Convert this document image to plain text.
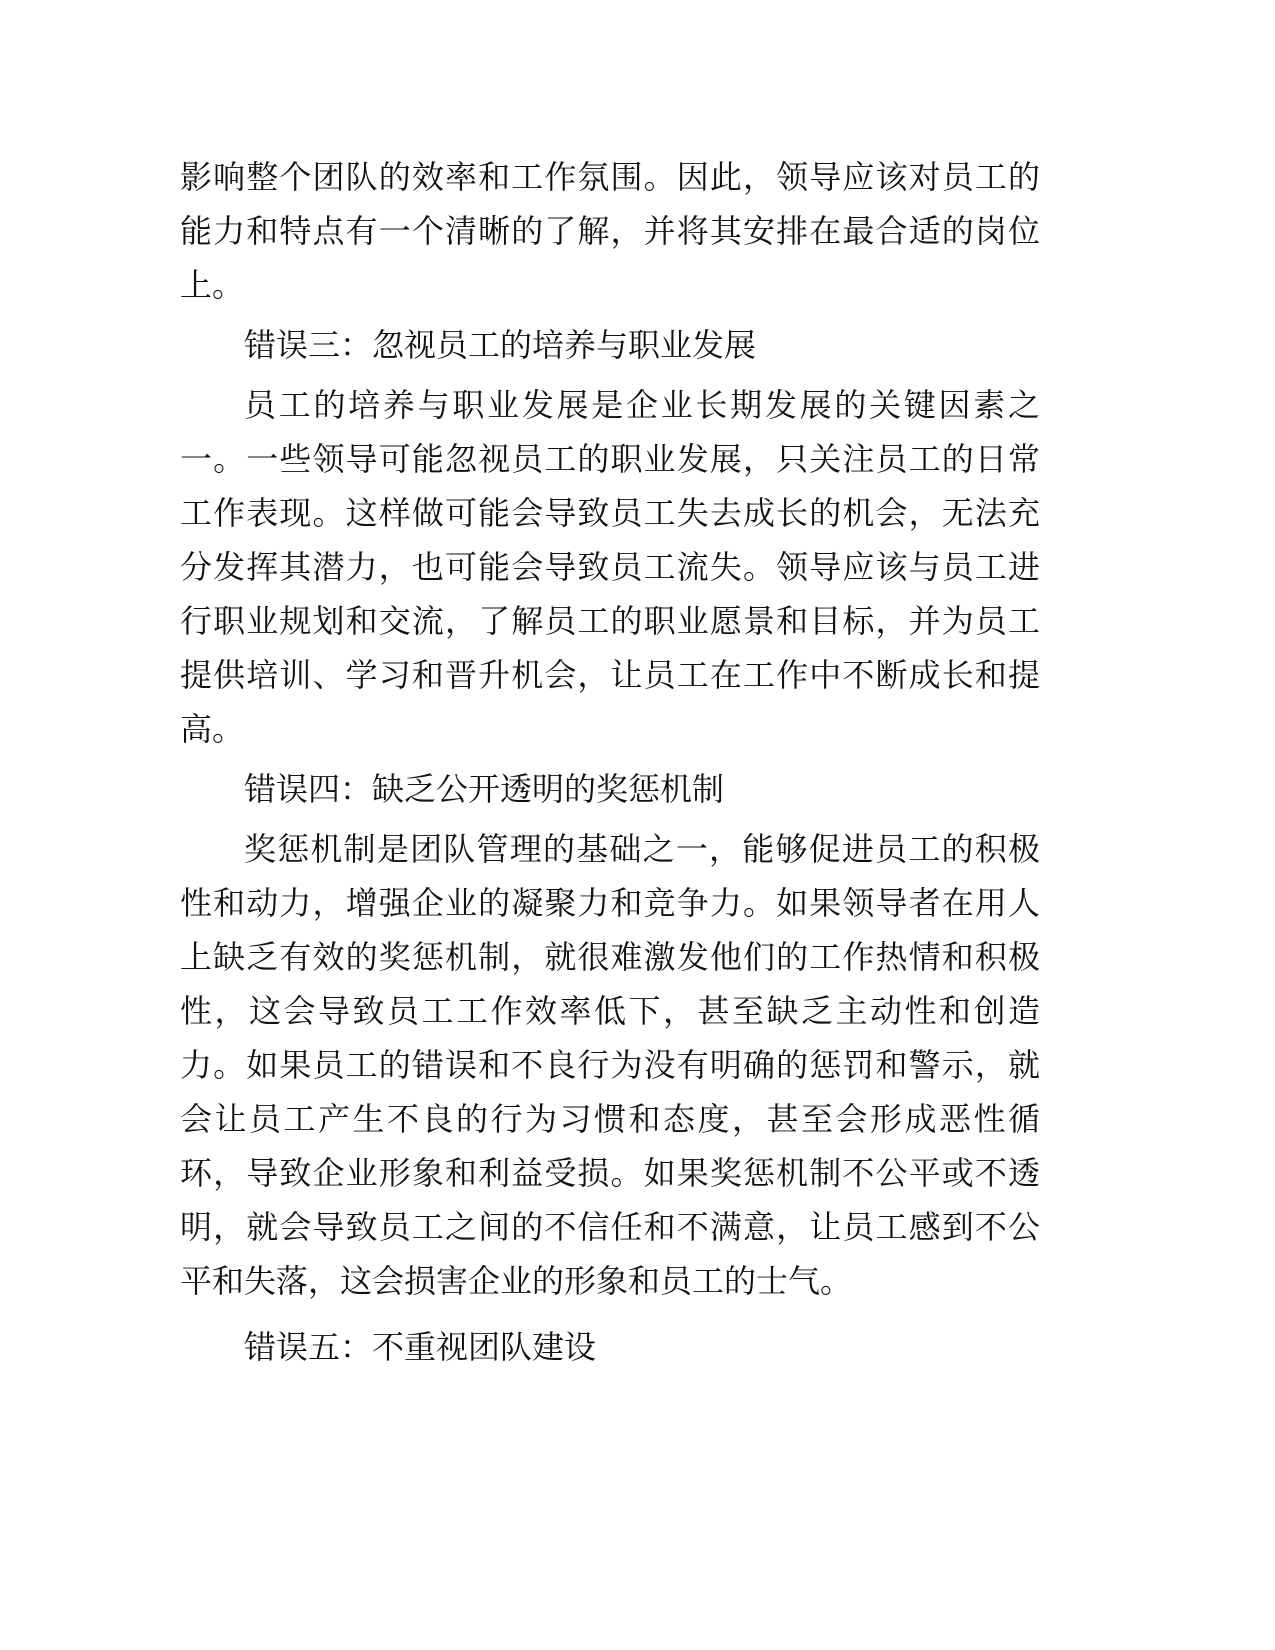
影响整个团队的效率和工作氛围。因此，领导应该对员工的能力和特点有一个清晰的了解，并将其安排在最合适的岗位上。

错误三：忽视员工的培养与职业发展

员工的培养与职业发展是企业长期发展的关键因素之一。一些领导可能忽视员工的职业发展，只关注员工的日常工作表现。这样做可能会导致员工失去成长的机会，无法充分发挥其潜力，也可能会导致员工流失。领导应该与员工进行职业规划和交流，了解员工的职业愿景和目标，并为员工提供培训、学习和晋升机会，让员工在工作中不断成长和提高。

错误四：缺乏公开透明的奖惩机制

奖惩机制是团队管理的基础之一，能够促进员工的积极性和动力，增强企业的凝聚力和竞争力。如果领导者在用人上缺乏有效的奖惩机制，就很难激发他们的工作热情和积极性，这会导致员工工作效率低下，甚至缺乏主动性和创造力。如果员工的错误和不良行为没有明确的惩罚和警示，就会让员工产生不良的行为习惯和态度，甚至会形成恶性循环，导致企业形象和利益受损。如果奖惩机制不公平或不透明，就会导致员工之间的不信任和不满意，让员工感到不公平和失落，这会损害企业的形象和员工的士气。

错误五：不重视团队建设
